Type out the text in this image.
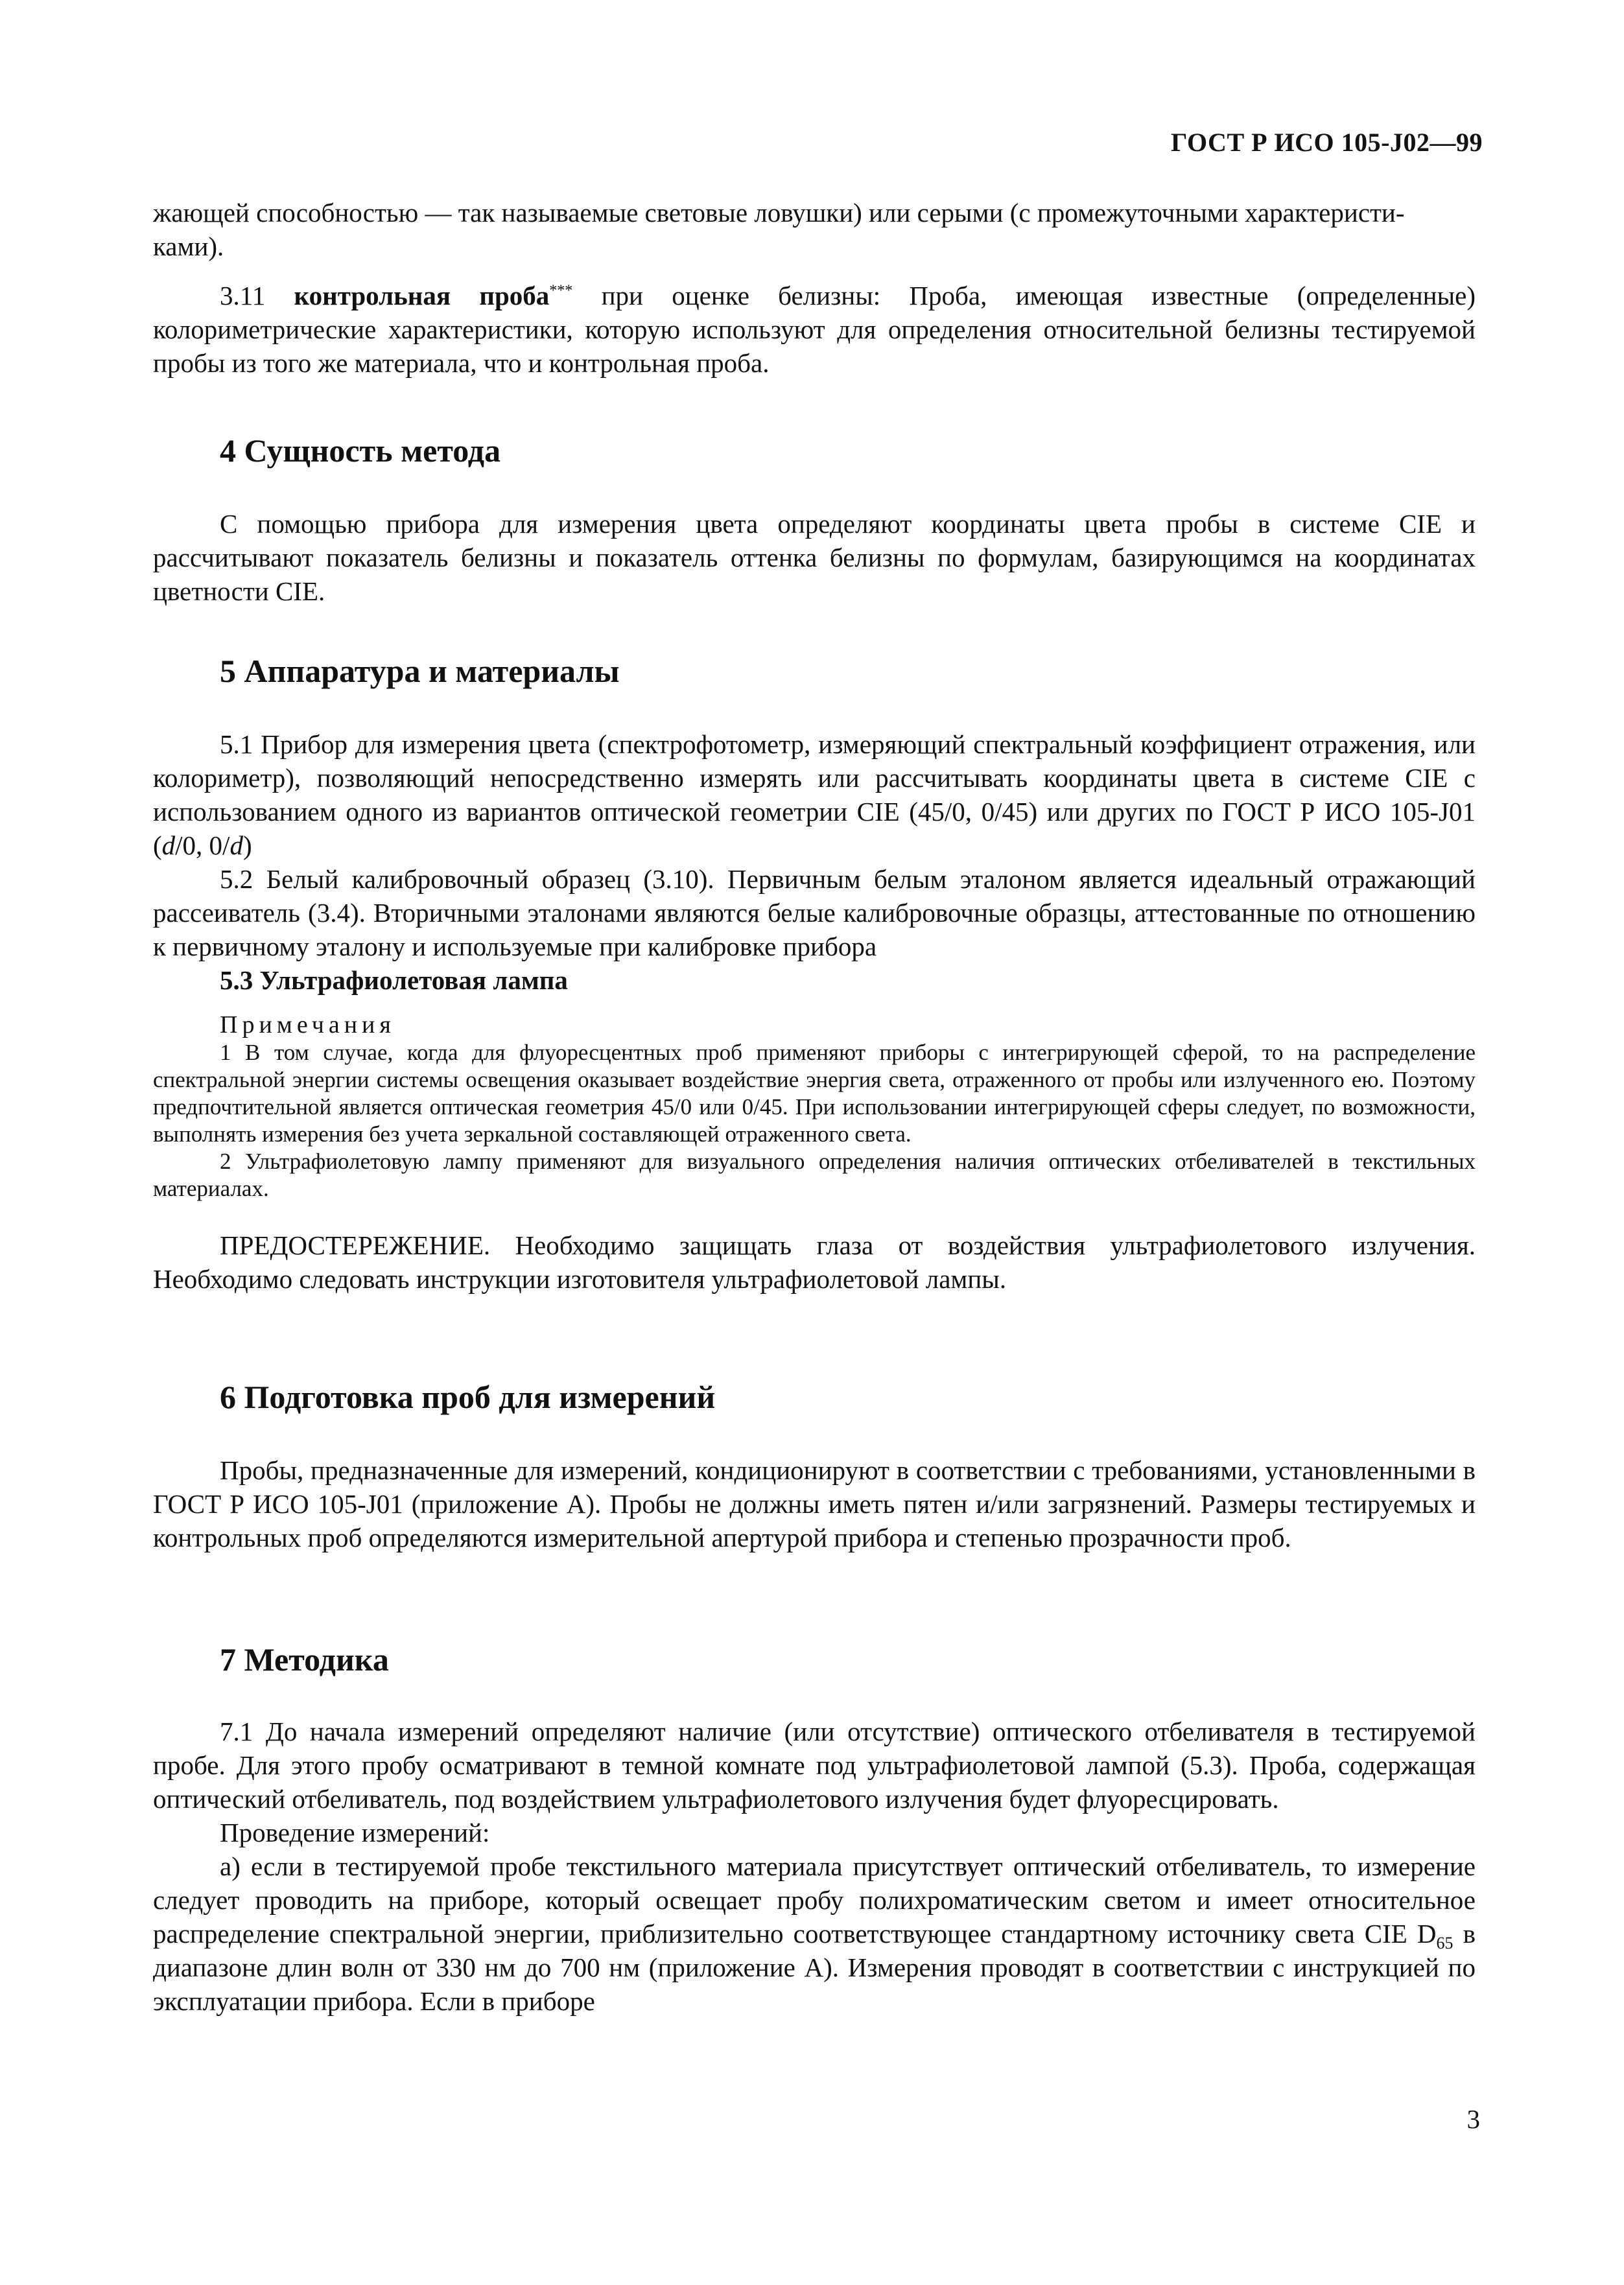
ГОСТ Р ИСО 105-J02—99

жающей способностью — так называемые световые ловушки) или серыми (с промежуточными характеристи-

ками).

3.11 контрольная проба*** при оценке белизны: Проба, имеющая известные (определенные) колориметрические характеристики, которую используют для определения относительной белизны тестируемой пробы из того же материала, что и контрольная проба.

4 Сущность метода

С помощью прибора для измерения цвета определяют координаты цвета пробы в системе CIE и рассчитывают показатель белизны и показатель оттенка белизны по формулам, базирующимся на координатах цветности CIE.

5 Аппаратура и материалы

5.1 Прибор для измерения цвета (спектрофотометр, измеряющий спектральный коэффициент отражения, или колориметр), позволяющий непосредственно измерять или рассчитывать координаты цвета в системе CIE с использованием одного из вариантов оптической геометрии CIE (45/0, 0/45) или других по ГОСТ Р ИСО 105-J01 (d/0, 0/d)

5.2 Белый калибровочный образец (3.10). Первичным белым эталоном является идеальный отражающий рассеиватель (3.4). Вторичными эталонами являются белые калибровочные образцы, аттестованные по отношению к первичному эталону и используемые при калибровке прибора

5.3 Ультрафиолетовая лампа

Примечания

1 В том случае, когда для флуоресцентных проб применяют приборы с интегрирующей сферой, то на распределение спектральной энергии системы освещения оказывает воздействие энергия света, отраженного от пробы или излученного ею. Поэтому предпочтительной является оптическая геометрия 45/0 или 0/45. При использовании интегрирующей сферы следует, по возможности, выполнять измерения без учета зеркальной составляющей отраженного света.

2 Ультрафиолетовую лампу применяют для визуального определения наличия оптических отбеливателей в текстильных материалах.

ПРЕДОСТЕРЕЖЕНИЕ. Необходимо защищать глаза от воздействия ультрафиолетового излучения. Необходимо следовать инструкции изготовителя ультрафиолетовой лампы.

6 Подготовка проб для измерений

Пробы, предназначенные для измерений, кондиционируют в соответствии с требованиями, установленными в ГОСТ Р ИСО 105-J01 (приложение А). Пробы не должны иметь пятен и/или загрязнений. Размеры тестируемых и контрольных проб определяются измерительной апертурой прибора и степенью прозрачности проб.

7 Методика

7.1 До начала измерений определяют наличие (или отсутствие) оптического отбеливателя в тестируемой пробе. Для этого пробу осматривают в темной комнате под ультрафиолетовой лампой (5.3). Проба, содержащая оптический отбеливатель, под воздействием ультрафиолетового излучения будет флуоресцировать.

Проведение измерений:

а) если в тестируемой пробе текстильного материала присутствует оптический отбеливатель, то измерение следует проводить на приборе, который освещает пробу полихроматическим светом и имеет относительное распределение спектральной энергии, приблизительно соответствующее стандартному источнику света CIE $D_{65}$ в диапазоне длин волн от 330 нм до 700 нм (приложение А). Измерения проводят в соответствии с инструкцией по эксплуатации прибора. Если в приборе

3
